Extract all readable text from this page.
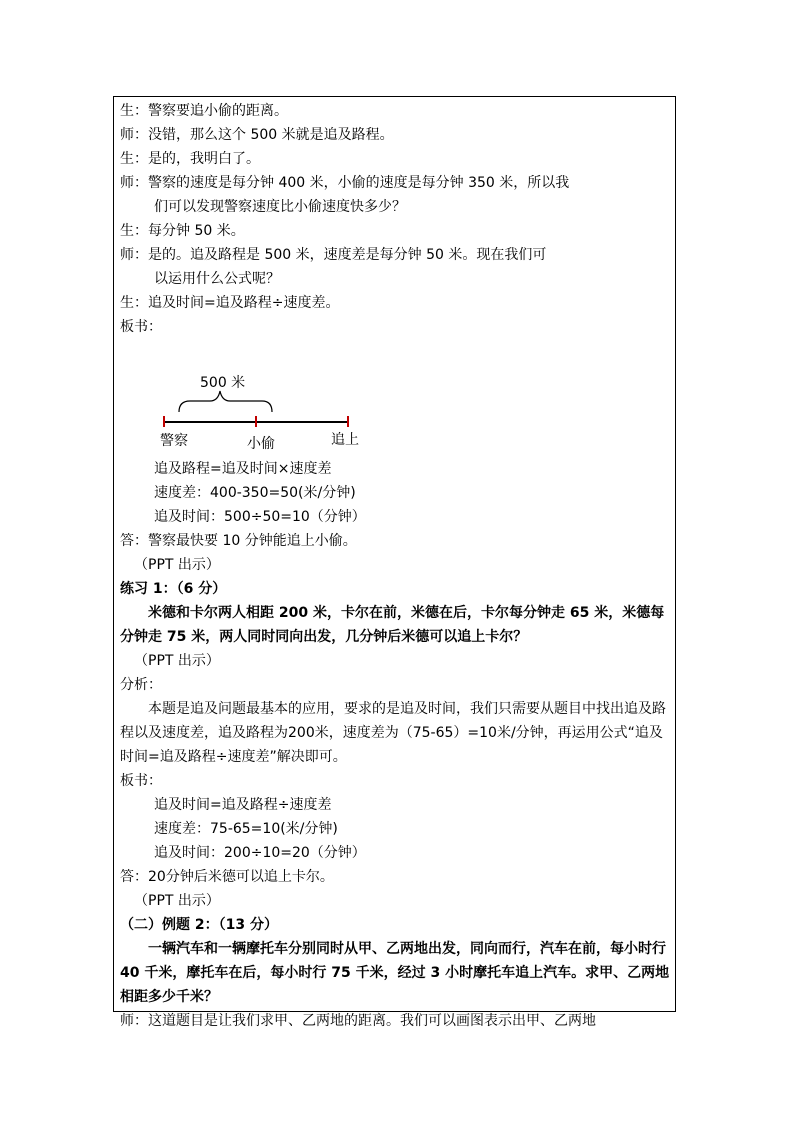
生：警察要追小偷的距离。
师：没错，那么这个 500 米就是追及路程。
生：是的，我明白了。
师：警察的速度是每分钟 400 米，小偷的速度是每分钟 350 米，所以我
们可以发现警察速度比小偷速度快多少？
生：每分钟 50 米。
师：是的。追及路程是 500 米，速度差是每分钟 50 米。现在我们可
以运用什么公式呢？
生：追及时间=追及路程÷速度差。
板书：
500 米
警察	小偷	追上
追及路程=追及时间×速度差
速度差：400-350=50(米/分钟)
追及时间：500÷50=10（分钟）
答：警察最快要 10 分钟能追上小偷。
（PPT 出示）
练习 1：（6 分）
米德和卡尔两人相距 200 米，卡尔在前，米德在后，卡尔每分钟走 65 米，米德每分钟走 75 米，两人同时同向出发，几分钟后米德可以追上卡尔？
（PPT 出示）
分析：
本题是追及问题最基本的应用，要求的是追及时间，我们只需要从题目中找出追及路程以及速度差，追及路程为200米，速度差为（75-65）=10米/分钟，再运用公式“追及时间=追及路程÷速度差”解决即可。
板书：
追及时间=追及路程÷速度差
速度差：75-65=10(米/分钟)
追及时间：200÷10=20（分钟）
答：20分钟后米德可以追上卡尔。
（PPT 出示）
（二）例题 2：（13 分）
一辆汽车和一辆摩托车分别同时从甲、乙两地出发，同向而行，汽车在前，每小时行 40 千米，摩托车在后，每小时行 75 千米，经过 3 小时摩托车追上汽车。求甲、乙两地相距多少千米？
师：这道题目是让我们求甲、乙两地的距离。我们可以画图表示出甲、乙两地
